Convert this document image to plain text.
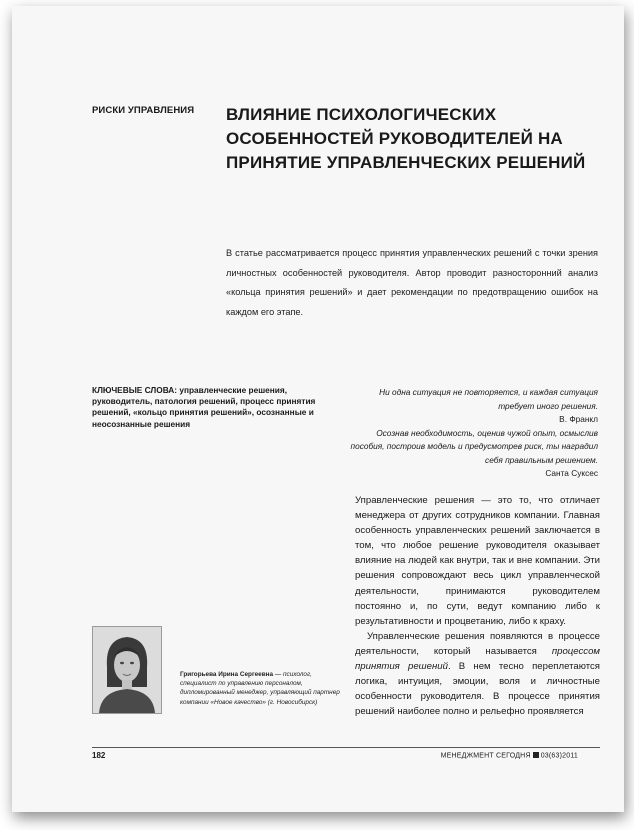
РИСКИ УПРАВЛЕНИЯ ВЛИЯНИЕ ПСИХОЛОГИЧЕСКИХ ОСОБЕННОСТЕЙ РУКОВОДИТЕЛЕЙ НА ПРИНЯТИЕ УПРАВЛЕНЧЕСКИХ РЕШЕНИЙ
В статье рассматривается процесс принятия управленческих решений с точки зрения личностных особенностей руководителя. Автор проводит разносторонний анализ «кольца принятия решений» и дает рекомендации по предотвращению ошибок на каждом его этапе.
КЛЮЧЕВЫЕ СЛОВА: управленческие решения, руководитель, патология решений, процесс принятия решений, «кольцо принятия решений», осознанные и неосознанные решения
Ни одна ситуация не повторяется, и каждая ситуация требует иного решения.
В. Франкл
Осознав необходимость, оценив чужой опыт, осмыслив пособия, построив модель и предусмотрев риск, ты наградил себя правильным решением.
Санта Суксес

Управленческие решения — это то, что отличает менеджера от других сотрудников компании. Главная особенность управленческих решений заключается в том, что любое решение руководителя оказывает влияние на людей как внутри, так и вне компании. Эти решения сопровождают весь цикл управленческой деятельности, принимаются руководителем постоянно и, по сути, ведут компанию либо к результативности и процветанию, либо к краху.

Управленческие решения появляются в процессе деятельности, который называется процессом принятия решений. В нем тесно переплетаются логика, интуиция, эмоции, воля и личностные особенности руководителя. В процессе принятия решений наиболее полно и рельефно проявляется

Григорьева Ирина Сергеевна — психолог, специалист по управлению персоналом, дипломированный менеджер, управляющий партнер компании «Новое качество» (г. Новосибирск)
182	МЕНЕДЖМЕНТ СЕГОДНЯ 03(63)2011
